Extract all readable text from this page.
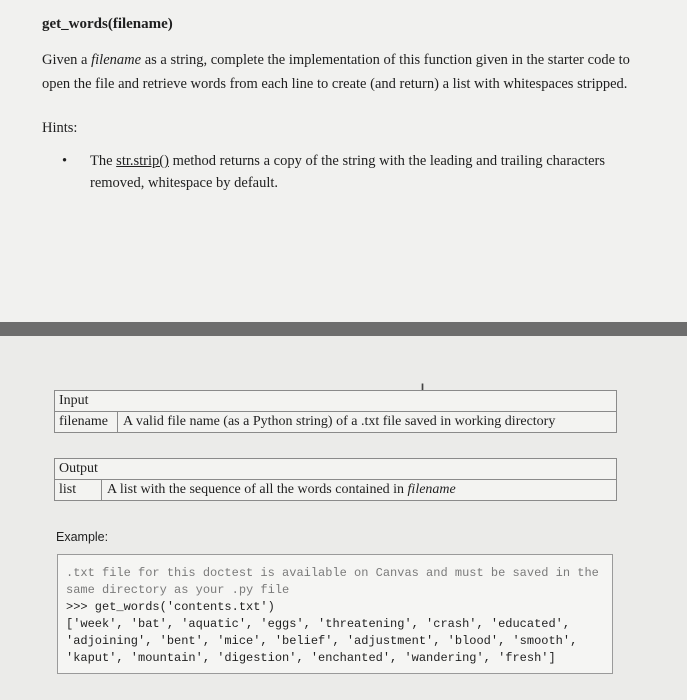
get_words(filename)
Given a filename as a string, complete the implementation of this function given in the starter code to open the file and retrieve words from each line to create (and return) a list with whitespaces stripped.
Hints:
•	The str.strip() method returns a copy of the string with the leading and trailing characters removed, whitespace by default.
Input
filename	A valid file name (as a Python string) of a .txt file saved in working directory
Output
list	A list with the sequence of all the words contained in filename
Example:
.txt file for this doctest is available on Canvas and must be saved in the
same directory as your .py file
>>> get_words('contents.txt')
['week', 'bat', 'aquatic', 'eggs', 'threatening', 'crash', 'educated',
'adjoining', 'bent', 'mice', 'belief', 'adjustment', 'blood', 'smooth',
'kaput', 'mountain', 'digestion', 'enchanted', 'wandering', 'fresh']
